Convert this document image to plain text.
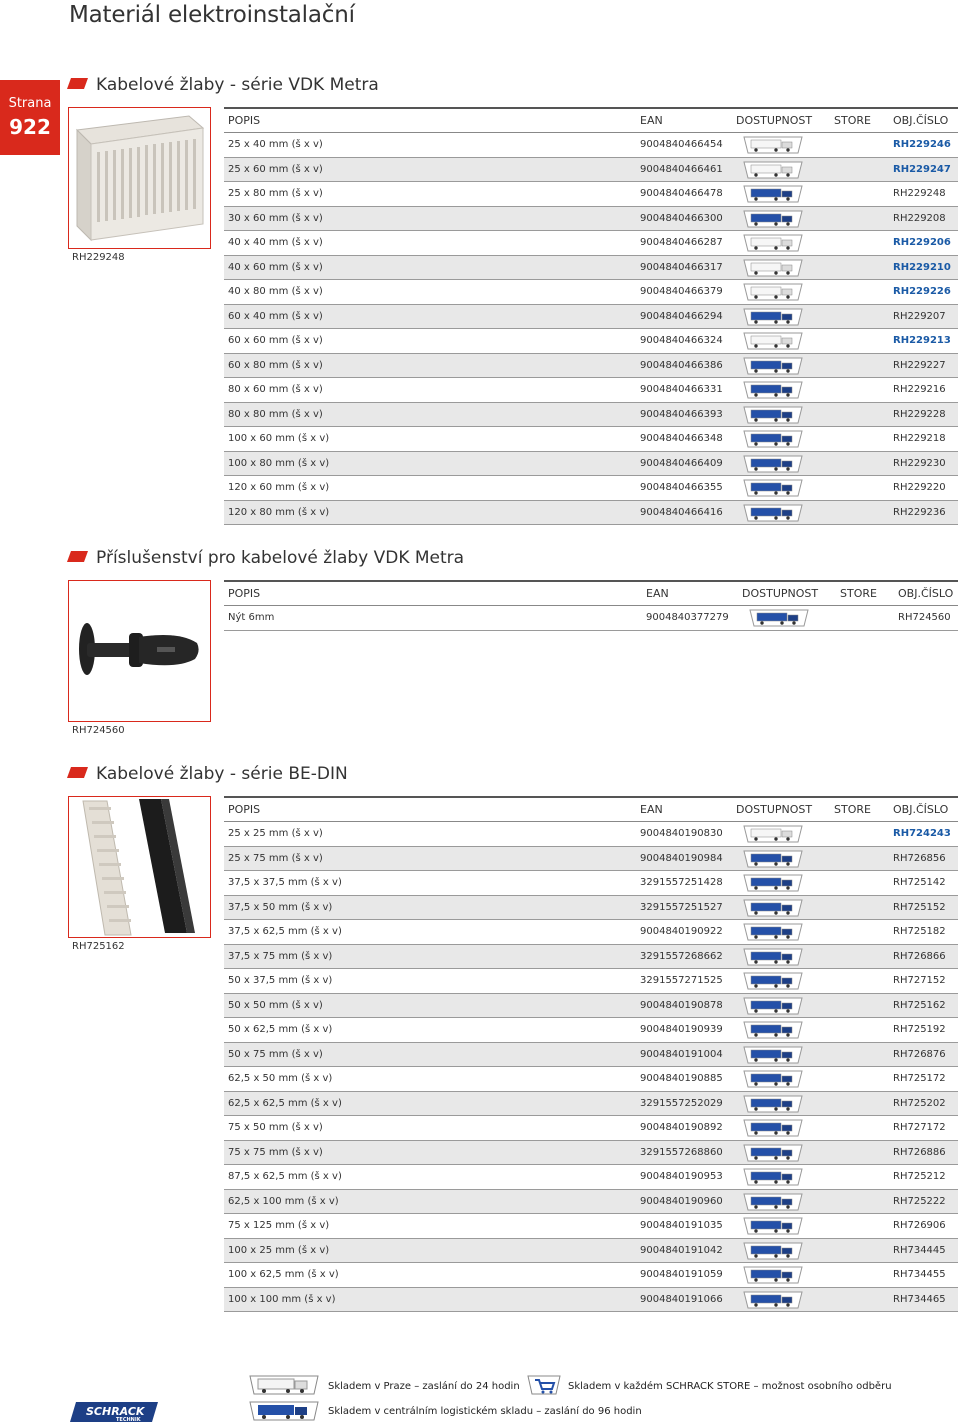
Materiál elektroinstalační
Strana
922
Kabelové žlaby - série VDK Metra
RH229248
POPIS	EAN	DOSTUPNOST STORE OBJ.ČÍSLO
25 x 40 mm (š x v)	9004840466454	RH229246
25 x 60 mm (š x v)	9004840466461	RH229247
25 x 80 mm (š x v)	9004840466478	RH229248
30 x 60 mm (š x v)	9004840466300	RH229208
40 x 40 mm (š x v)	9004840466287	RH229206
40 x 60 mm (š x v)	9004840466317	RH229210
40 x 80 mm (š x v)	9004840466379	RH229226
60 x 40 mm (š x v)	9004840466294	RH229207
60 x 60 mm (š x v)	9004840466324	RH229213
60 x 80 mm (š x v)	9004840466386	RH229227
80 x 60 mm (š x v)	9004840466331	RH229216
80 x 80 mm (š x v)	9004840466393	RH229228
100 x 60 mm (š x v)	9004840466348	RH229218
100 x 80 mm (š x v)	9004840466409	RH229230
120 x 60 mm (š x v)	9004840466355	RH229220
120 x 80 mm (š x v)	9004840466416	RH229236
Příslušenství pro kabelové žlaby VDK Metra
RH724560
POPIS	EAN	DOSTUPNOST STORE OBJ.ČÍSLO
Nýt 6mm	9004840377279	RH724560
Kabelové žlaby - série BE-DIN
RH725162
POPIS	EAN	DOSTUPNOST STORE OBJ.ČÍSLO
25 x 25 mm (š x v)	9004840190830	RH724243
25 x 75 mm (š x v)	9004840190984	RH726856
37,5 x 37,5 mm (š x v)	3291557251428	RH725142
37,5 x 50 mm (š x v)	3291557251527	RH725152
37,5 x 62,5 mm (š x v)	9004840190922	RH725182
37,5 x 75 mm (š x v)	3291557268662	RH726866
50 x 37,5 mm (š x v)	3291557271525	RH727152
50 x 50 mm (š x v)	9004840190878	RH725162
50 x 62,5 mm (š x v)	9004840190939	RH725192
50 x 75 mm (š x v)	9004840191004	RH726876
62,5 x 50 mm (š x v)	9004840190885	RH725172
62,5 x 62,5 mm (š x v)	3291557252029	RH725202
75 x 50 mm (š x v)	9004840190892	RH727172
75 x 75 mm (š x v)	3291557268860	RH726886
87,5 x 62,5 mm (š x v)	9004840190953	RH725212
62,5 x 100 mm (š x v)	9004840190960	RH725222
75 x 125 mm (š x v)	9004840191035	RH726906
100 x 25 mm (š x v)	9004840191042	RH734445
100 x 62,5 mm (š x v)	9004840191059	RH734455
100 x 100 mm (š x v)	9004840191066	RH734465
Skladem v Praze – zaslání do 24 hodin	Skladem v každém SCHRACK STORE – možnost osobního odběru
Skladem v centrálním logistickém skladu – zaslání do 96 hodin
SCHRACK
TECHNIK
